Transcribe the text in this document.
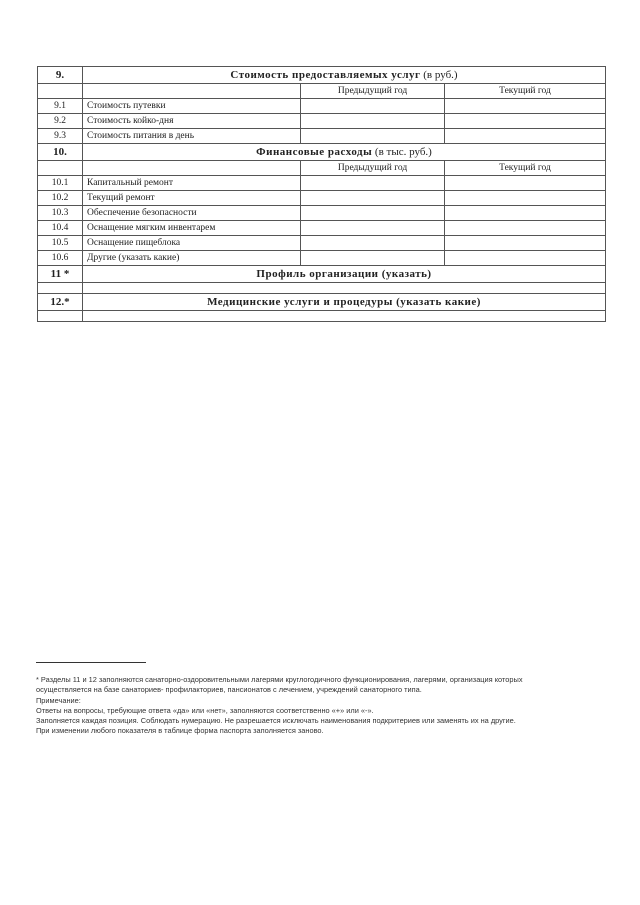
9.	Стоимость предоставляемых услуг (в руб.)		
		Предыдущий год	Текущий год
9.1	Стоимость путевки		
9.2	Стоимость койко-дня		
9.3	Стоимость питания в день		
10.	Финансовые расходы (в тыс. руб.)		
		Предыдущий год	Текущий год
10.1	Капитальный ремонт		
10.2	Текущий ремонт		
10.3	Обеспечение безопасности		
10.4	Оснащение мягким инвентарем		
10.5	Оснащение пищеблока		
10.6	Другие (указать какие)		
11 *	Профиль организации (указать)		

12.*	Медицинские услуги и процедуры (указать какие)		

* Разделы 11 и 12 заполняются санаторно-оздоровительными лагерями круглогодичного функционирования, лагерями, организация которых
осуществляется на базе санаториев- профилакториев, пансионатов с лечением, учреждений санаторного типа.
Примечание:
Ответы на вопросы, требующие ответа «да» или «нет», заполняются соответственно «+» или «-».
Заполняется каждая позиция. Соблюдать нумерацию. Не разрешается исключать наименования подкритериев или заменять их на другие.
При изменении любого показателя в таблице форма паспорта заполняется заново.
